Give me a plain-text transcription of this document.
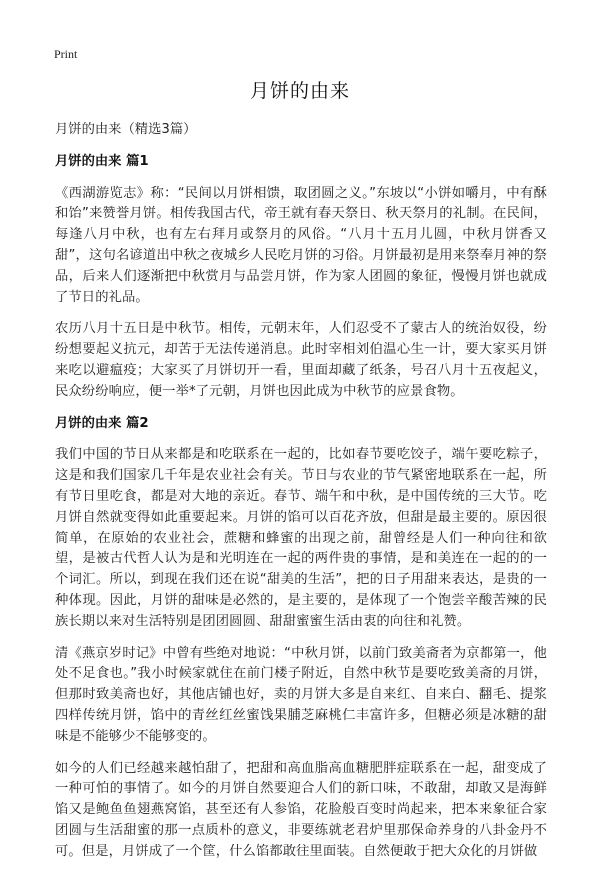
Print
月饼的由来

月饼的由来（精选3篇）

月饼的由来 篇1

《西湖游览志》称：“民间以月饼相馈，取团圆之义。”东坡以“小饼如嚼月，中有酥和饴”来赞誉月饼。相传我国古代，帝王就有春天祭日、秋天祭月的礼制。在民间，每逢八月中秋，也有左右拜月或祭月的风俗。“八月十五月儿圆，中秋月饼香又甜”，这句名谚道出中秋之夜城乡人民吃月饼的习俗。月饼最初是用来祭奉月神的祭品，后来人们逐渐把中秋赏月与品尝月饼，作为家人团圆的象征，慢慢月饼也就成了节日的礼品。

农历八月十五日是中秋节。相传，元朝末年，人们忍受不了蒙古人的统治奴役，纷纷想要起义抗元，却苦于无法传递消息。此时宰相刘伯温心生一计，要大家买月饼来吃以避瘟疫；大家买了月饼切开一看，里面却藏了纸条，号召八月十五夜起义，民众纷纷响应，便一举*了元朝，月饼也因此成为中秋节的应景食物。

月饼的由来 篇2

我们中国的节日从来都是和吃联系在一起的，比如春节要吃饺子，端午要吃粽子，这是和我们国家几千年是农业社会有关。节日与农业的节气紧密地联系在一起，所有节日里吃食，都是对大地的亲近。春节、端午和中秋，是中国传统的三大节。吃月饼自然就变得如此重要起来。月饼的馅可以百花齐放，但甜是最主要的。原因很简单，在原始的农业社会，蔗糖和蜂蜜的出现之前，甜曾经是人们一种向往和欲望，是被古代哲人认为是和光明连在一起的两件贵的事情，是和美连在一起的的一个词汇。所以，到现在我们还在说“甜美的生活”，把的日子用甜来表达，是贵的一种体现。因此，月饼的甜味是必然的，是主要的，是体现了一个饱尝辛酸苦辣的民族长期以来对生活特别是团团圆圆、甜甜蜜蜜生活由衷的向往和礼赞。

清《燕京岁时记》中曾有些绝对地说：“中秋月饼，以前门致美斋者为京都第一，他处不足食也。”我小时候家就住在前门楼子附近，自然中秋节是要吃致美斋的月饼，但那时致美斋也好，其他店铺也好，卖的月饼大多是自来红、自来白、翻毛、提浆四样传统月饼，馅中的青丝红丝蜜饯果脯芝麻桃仁丰富许多，但糖必须是冰糖的甜味是不能够少不能够变的。

如今的人们已经越来越怕甜了，把甜和高血脂高血糖肥胖症联系在一起，甜变成了一种可怕的事情了。如今的月饼自然要迎合人们的新口味，不敢甜，却敢又是海鲜馅又是鲍鱼鱼翅燕窝馅，甚至还有人参馅，花脸般百变时尚起来，把本来象征合家团圆与生活甜蜜的那一点质朴的意义，非要练就老君炉里那保命养身的八卦金丹不可。但是，月饼成了一个筐，什么馅都敢往里面装。自然便敢于把大众化的月饼做
